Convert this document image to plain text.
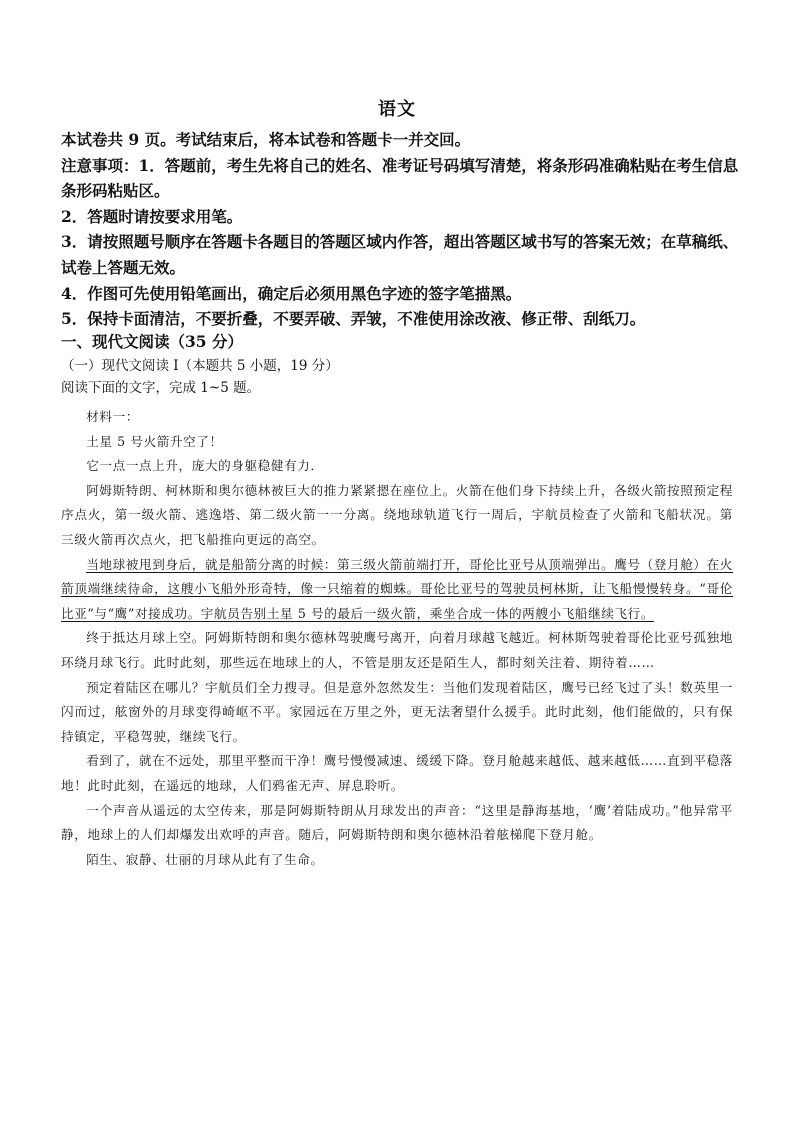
语文

本试卷共 9 页。考试结束后，将本试卷和答题卡一并交回。

注意事项：1．答题前，考生先将自己的姓名、准考证号码填写清楚，将条形码准确粘贴在考生信息条形码粘贴区。

2．答题时请按要求用笔。

3．请按照题号顺序在答题卡各题目的答题区域内作答，超出答题区域书写的答案无效；在草稿纸、试卷上答题无效。

4．作图可先使用铅笔画出，确定后必须用黑色字迹的签字笔描黑。

5．保持卡面清洁，不要折叠，不要弄破、弄皱，不准使用涂改液、修正带、刮纸刀。

一、现代文阅读（35 分）

（一）现代文阅读 I（本题共 5 小题，19 分）

阅读下面的文字，完成 1~5 题。

材料一：

土星 5 号火箭升空了！

它一点一点上升，庞大的身躯稳健有力．

阿姆斯特朗、柯林斯和奥尔德林被巨大的推力紧紧摁在座位上。火箭在他们身下持续上升，各级火箭按照预定程序点火，第一级火箭、逃逸塔、第二级火箭一一分离。绕地球轨道飞行一周后，宇航员检查了火箭和飞船状况。第三级火箭再次点火，把飞船推向更远的高空。

当地球被甩到身后，就是船箭分离的时候：第三级火箭前端打开，哥伦比亚号从顶端弹出。鹰号（登月舱）在火箭顶端继续待命，这艘小飞船外形奇特，像一只缩着的蜘蛛。哥伦比亚号的驾驶员柯林斯，让飞船慢慢转身。“哥伦比亚”与“鹰”对接成功。宇航员告别土星 5 号的最后一级火箭，乘坐合成一体的两艘小飞船继续飞行。

终于抵达月球上空。阿姆斯特朗和奥尔德林驾驶鹰号离开，向着月球越飞越近。柯林斯驾驶着哥伦比亚号孤独地环绕月球飞行。此时此刻，那些远在地球上的人，不管是朋友还是陌生人，都时刻关注着、期待着……

预定着陆区在哪儿？宇航员们全力搜寻。但是意外忽然发生：当他们发现着陆区，鹰号已经飞过了头！数英里一闪而过，舷窗外的月球变得崎岖不平。家园远在万里之外，更无法奢望什么援手。此时此刻，他们能做的，只有保持镇定，平稳驾驶，继续飞行。

看到了，就在不远处，那里平整而干净！鹰号慢慢减速、缓缓下降。登月舱越来越低、越来越低……直到平稳落地！此时此刻，在遥远的地球，人们鸦雀无声、屏息聆听。

一个声音从遥远的太空传来，那是阿姆斯特朗从月球发出的声音：“这里是静海基地，‘鹰’着陆成功。”他异常平静，地球上的人们却爆发出欢呼的声音。随后，阿姆斯特朗和奥尔德林沿着舷梯爬下登月舱。

陌生、寂静、壮丽的月球从此有了生命。
